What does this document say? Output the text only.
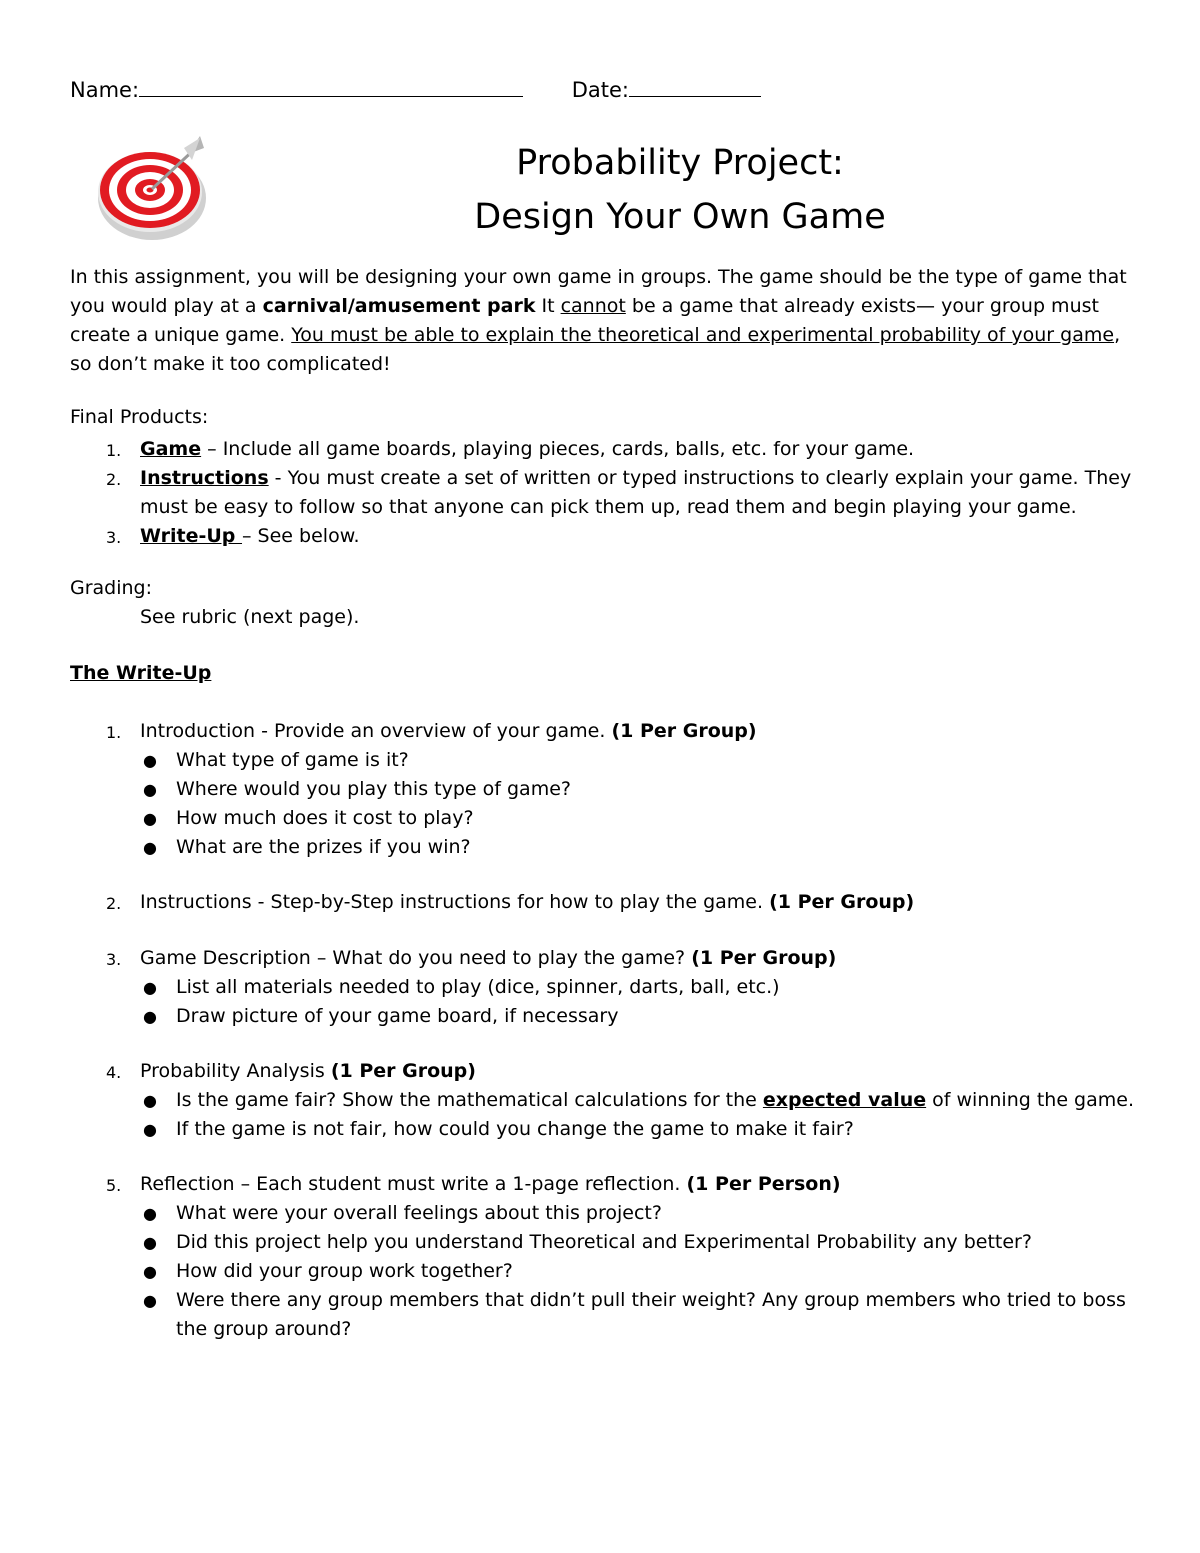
Name:	Date:
Probability Project:
Design Your Own Game
In this assignment, you will be designing your own game in groups. The game should be the type of game that you would play at a carnival/amusement park It cannot be a game that already exists— your group must create a unique game. You must be able to explain the theoretical and experimental probability of your game, so don’t make it too complicated!
Final Products:
1. Game – Include all game boards, playing pieces, cards, balls, etc. for your game.
2. Instructions - You must create a set of written or typed instructions to clearly explain your game. They must be easy to follow so that anyone can pick them up, read them and begin playing your game.
3. Write-Up – See below.
Grading:
See rubric (next page).
The Write-Up
1. Introduction - Provide an overview of your game. (1 Per Group)
● What type of game is it?
● Where would you play this type of game?
● How much does it cost to play?
● What are the prizes if you win?
2. Instructions - Step-by-Step instructions for how to play the game. (1 Per Group)
3. Game Description – What do you need to play the game? (1 Per Group)
● List all materials needed to play (dice, spinner, darts, ball, etc.)
● Draw picture of your game board, if necessary
4. Probability Analysis (1 Per Group)
● Is the game fair? Show the mathematical calculations for the expected value of winning the game.
● If the game is not fair, how could you change the game to make it fair?
5. Reflection – Each student must write a 1-page reflection. (1 Per Person)
● What were your overall feelings about this project?
● Did this project help you understand Theoretical and Experimental Probability any better?
● How did your group work together?
● Were there any group members that didn’t pull their weight? Any group members who tried to boss the group around?
